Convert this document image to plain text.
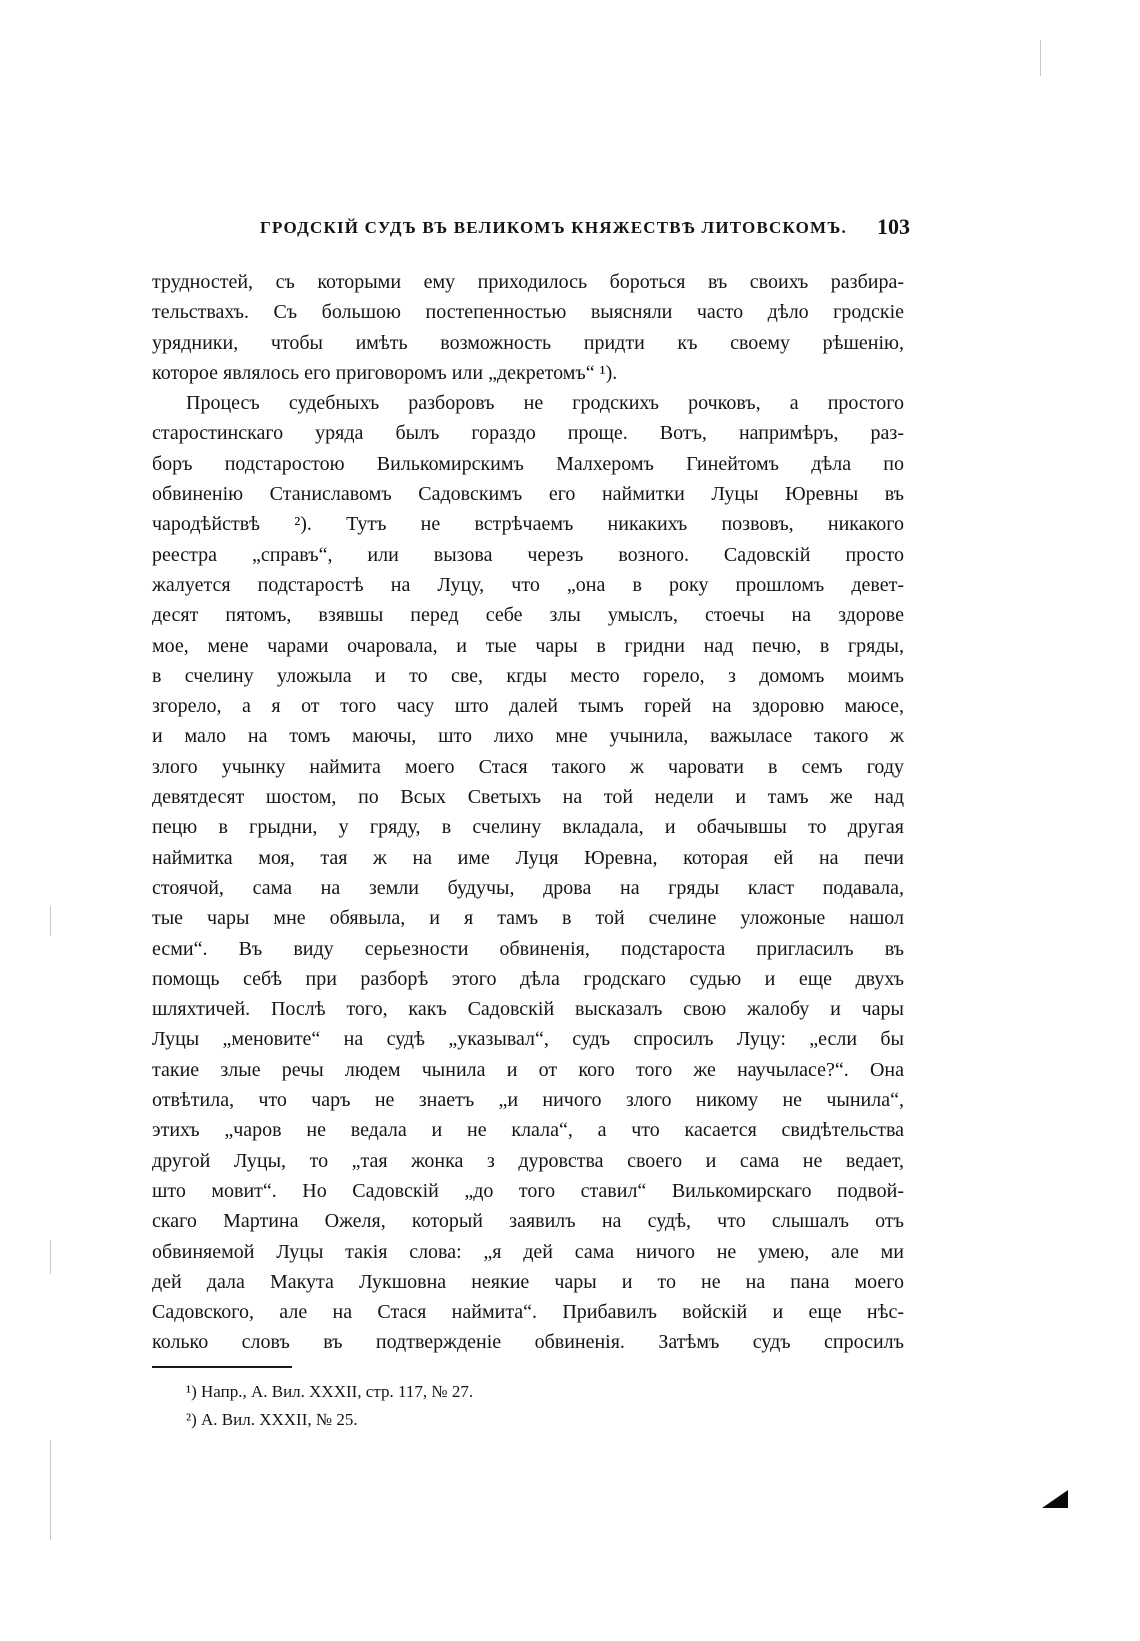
ГРОДСКІЙ СУДЪ ВЪ ВЕЛИКОМЪ КНЯЖЕСТВѢ ЛИТОВСКОМЪ. 103
трудностей, съ которыми ему приходилось бороться въ своихъ разбира-
тельствахъ. Съ большою постепенностью выясняли часто дѣло гродскіе
урядники, чтобы имѣть возможность придти къ своему рѣшенію,
которое являлось его приговоромъ или „декретомъ“ ¹).
Процесъ судебныхъ разборовъ не гродскихъ рочковъ, а простого
старостинскаго уряда былъ гораздо проще. Вотъ, напримѣръ, раз-
боръ подстаростою Вилькомирскимъ Малхеромъ Гинейтомъ дѣла по
обвиненію Станиславомъ Садовскимъ его наймитки Луцы Юревны въ
чародѣйствѣ ²). Тутъ не встрѣчаемъ никакихъ позвовъ, никакого
реестра „справъ“, или вызова черезъ возного. Садовскій просто
жалуется подстаростѣ на Луцу, что „она в року прошломъ девет-
десят пятомъ, взявшы перед себе злы умыслъ, стоечы на здорове
мое, мене чарами очаровала, и тые чары в гридни над печю, в гряды,
в счелину уложыла и то све, кгды место горело, з домомъ моимъ
згорело, а я от того часу што далей тымъ горей на здоровю маюсе,
и мало на томъ маючы, што лихо мне учынила, важыласе такого ж
злого учынку наймита моего Стася такого ж чаровати в семъ году
девятдесят шостом, по Всых Светыхъ на той недели и тамъ же над
пецю в грыдни, у гряду, в счелину вкладала, и обачывшы то другая
наймитка моя, тая ж на име Луця Юревна, которая ей на печи
стоячой, сама на земли будучы, дрова на гряды класт подавала,
тые чары мне обявыла, и я тамъ в той счелине уложоные нашол
есми“. Въ виду серьезности обвиненія, подстароста пригласилъ въ
помощь себѣ при разборѣ этого дѣла гродскаго судью и еще двухъ
шляхтичей. Послѣ того, какъ Садовскій высказалъ свою жалобу и чары
Луцы „меновите“ на судѣ „указывал“, судъ спросилъ Луцу: „если бы
такие злые речы людем чынила и от кого того же научыласе?“. Она
отвѣтила, что чаръ не знаетъ „и ничого злого никому не чынила“,
этихъ „чаров не ведала и не клала“, а что касается свидѣтельства
другой Луцы, то „тая жонка з дуровства своего и сама не ведает,
што мовит“. Но Садовскій „до того ставил“ Вилькомирскаго подвой-
скаго Мартина Ожеля, который заявилъ на судѣ, что слышалъ отъ
обвиняемой Луцы такія слова: „я дей сама ничого не умею, але ми
дей дала Макута Лукшовна неякие чары и то не на пана моего
Садовского, але на Стася наймита“. Прибавилъ войскій и еще нѣс-
колько словъ въ подтвержденіе обвиненія. Затѣмъ судъ спросилъ
¹) Напр., А. Вил. XXXII, стр. 117, № 27.
²) А. Вил. XXXII, № 25.
